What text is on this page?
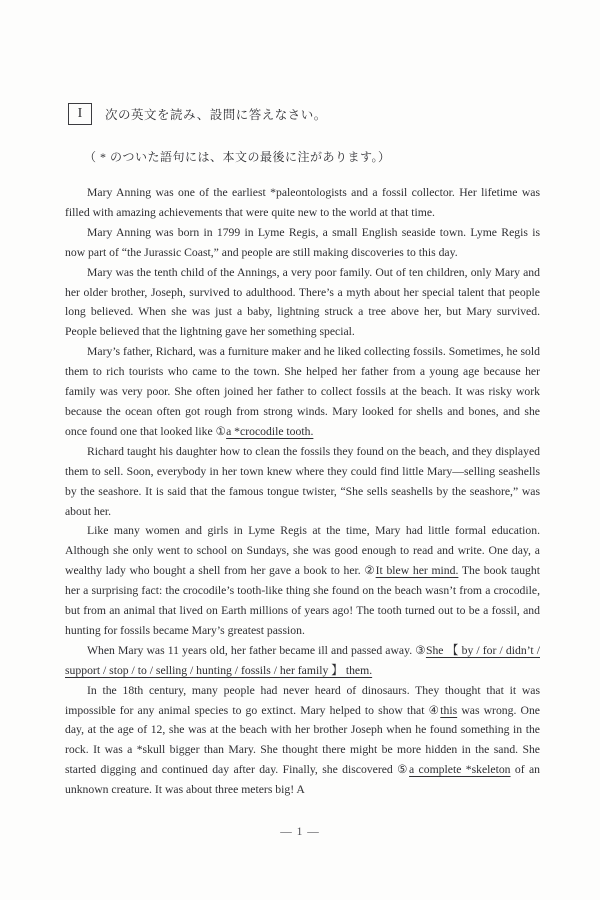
I 次の英文を読み、設問に答えなさい。
（ * のついた語句には、本文の最後に注があります。）

Mary Anning was one of the earliest *paleontologists and a fossil collector. Her lifetime was filled with amazing achievements that were quite new to the world at that time.

Mary Anning was born in 1799 in Lyme Regis, a small English seaside town. Lyme Regis is now part of “the Jurassic Coast,” and people are still making discoveries to this day.

Mary was the tenth child of the Annings, a very poor family. Out of ten children, only Mary and her older brother, Joseph, survived to adulthood. There’s a myth about her special talent that people long believed. When she was just a baby, lightning struck a tree above her, but Mary survived. People believed that the lightning gave her something special.

Mary’s father, Richard, was a furniture maker and he liked collecting fossils. Sometimes, he sold them to rich tourists who came to the town. She helped her father from a young age because her family was very poor. She often joined her father to collect fossils at the beach. It was risky work because the ocean often got rough from strong winds. Mary looked for shells and bones, and she once found one that looked like ①a *crocodile tooth.

Richard taught his daughter how to clean the fossils they found on the beach, and they displayed them to sell. Soon, everybody in her town knew where they could find little Mary—selling seashells by the seashore. It is said that the famous tongue twister, “She sells seashells by the seashore,” was about her.

Like many women and girls in Lyme Regis at the time, Mary had little formal education. Although she only went to school on Sundays, she was good enough to read and write. One day, a wealthy lady who bought a shell from her gave a book to her. ②It blew her mind. The book taught her a surprising fact: the crocodile’s tooth-like thing she found on the beach wasn’t from a crocodile, but from an animal that lived on Earth millions of years ago! The tooth turned out to be a fossil, and hunting for fossils became Mary’s greatest passion.

When Mary was 11 years old, her father became ill and passed away. ③She 【 by / for / didn’t / support / stop / to / selling / hunting / fossils / her family 】 them.

In the 18th century, many people had never heard of dinosaurs. They thought that it was impossible for any animal species to go extinct. Mary helped to show that ④this was wrong. One day, at the age of 12, she was at the beach with her brother Joseph when he found something in the rock. It was a *skull bigger than Mary. She thought there might be more hidden in the sand. She started digging and continued day after day. Finally, she discovered ⑤a complete *skeleton of an unknown creature. It was about three meters big! A

— 1 —
